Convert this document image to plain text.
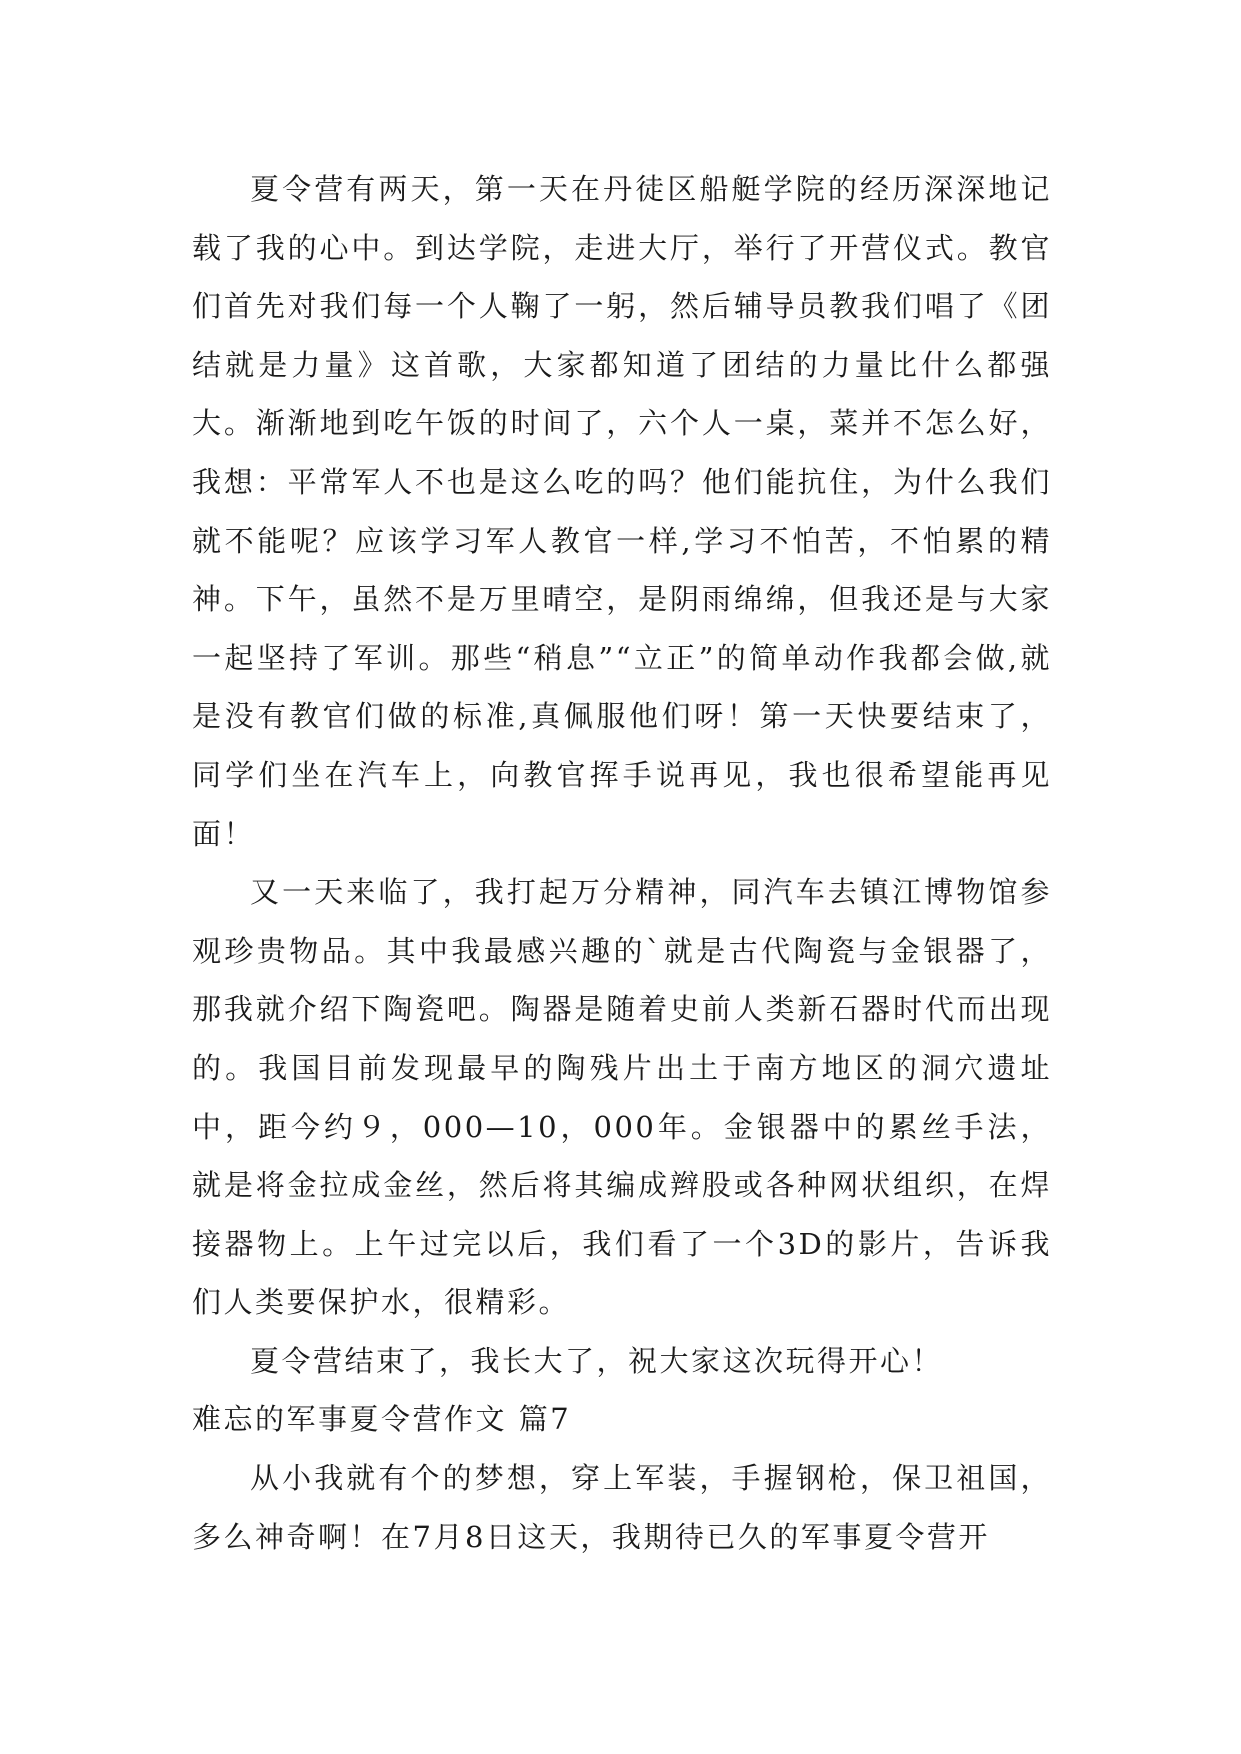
夏令营有两天，第一天在丹徒区船艇学院的经历深深地记载了我的心中。到达学院，走进大厅，举行了开营仪式。教官们首先对我们每一个人鞠了一躬，然后辅导员教我们唱了《团结就是力量》这首歌，大家都知道了团结的力量比什么都强大。渐渐地到吃午饭的时间了，六个人一桌，菜并不怎么好，我想：平常军人不也是这么吃的吗？他们能抗住，为什么我们就不能呢？应该学习军人教官一样,学习不怕苦，不怕累的精神。下午，虽然不是万里晴空，是阴雨绵绵，但我还是与大家一起坚持了军训。那些“稍息”“立正”的简单动作我都会做,就是没有教官们做的标准,真佩服他们呀！第一天快要结束了，同学们坐在汽车上，向教官挥手说再见，我也很希望能再见面！

又一天来临了，我打起万分精神，同汽车去镇江博物馆参观珍贵物品。其中我最感兴趣的`就是古代陶瓷与金银器了，那我就介绍下陶瓷吧。陶器是随着史前人类新石器时代而出现的。我国目前发现最早的陶残片出土于南方地区的洞穴遗址中，距今约９，000—10，000年。金银器中的累丝手法，就是将金拉成金丝，然后将其编成辫股或各种网状组织，在焊接器物上。上午过完以后，我们看了一个3D的影片，告诉我们人类要保护水，很精彩。

夏令营结束了，我长大了，祝大家这次玩得开心！

难忘的军事夏令营作文 篇7

从小我就有个的梦想，穿上军装，手握钢枪，保卫祖国，多么神奇啊！在7月8日这天，我期待已久的军事夏令营开
